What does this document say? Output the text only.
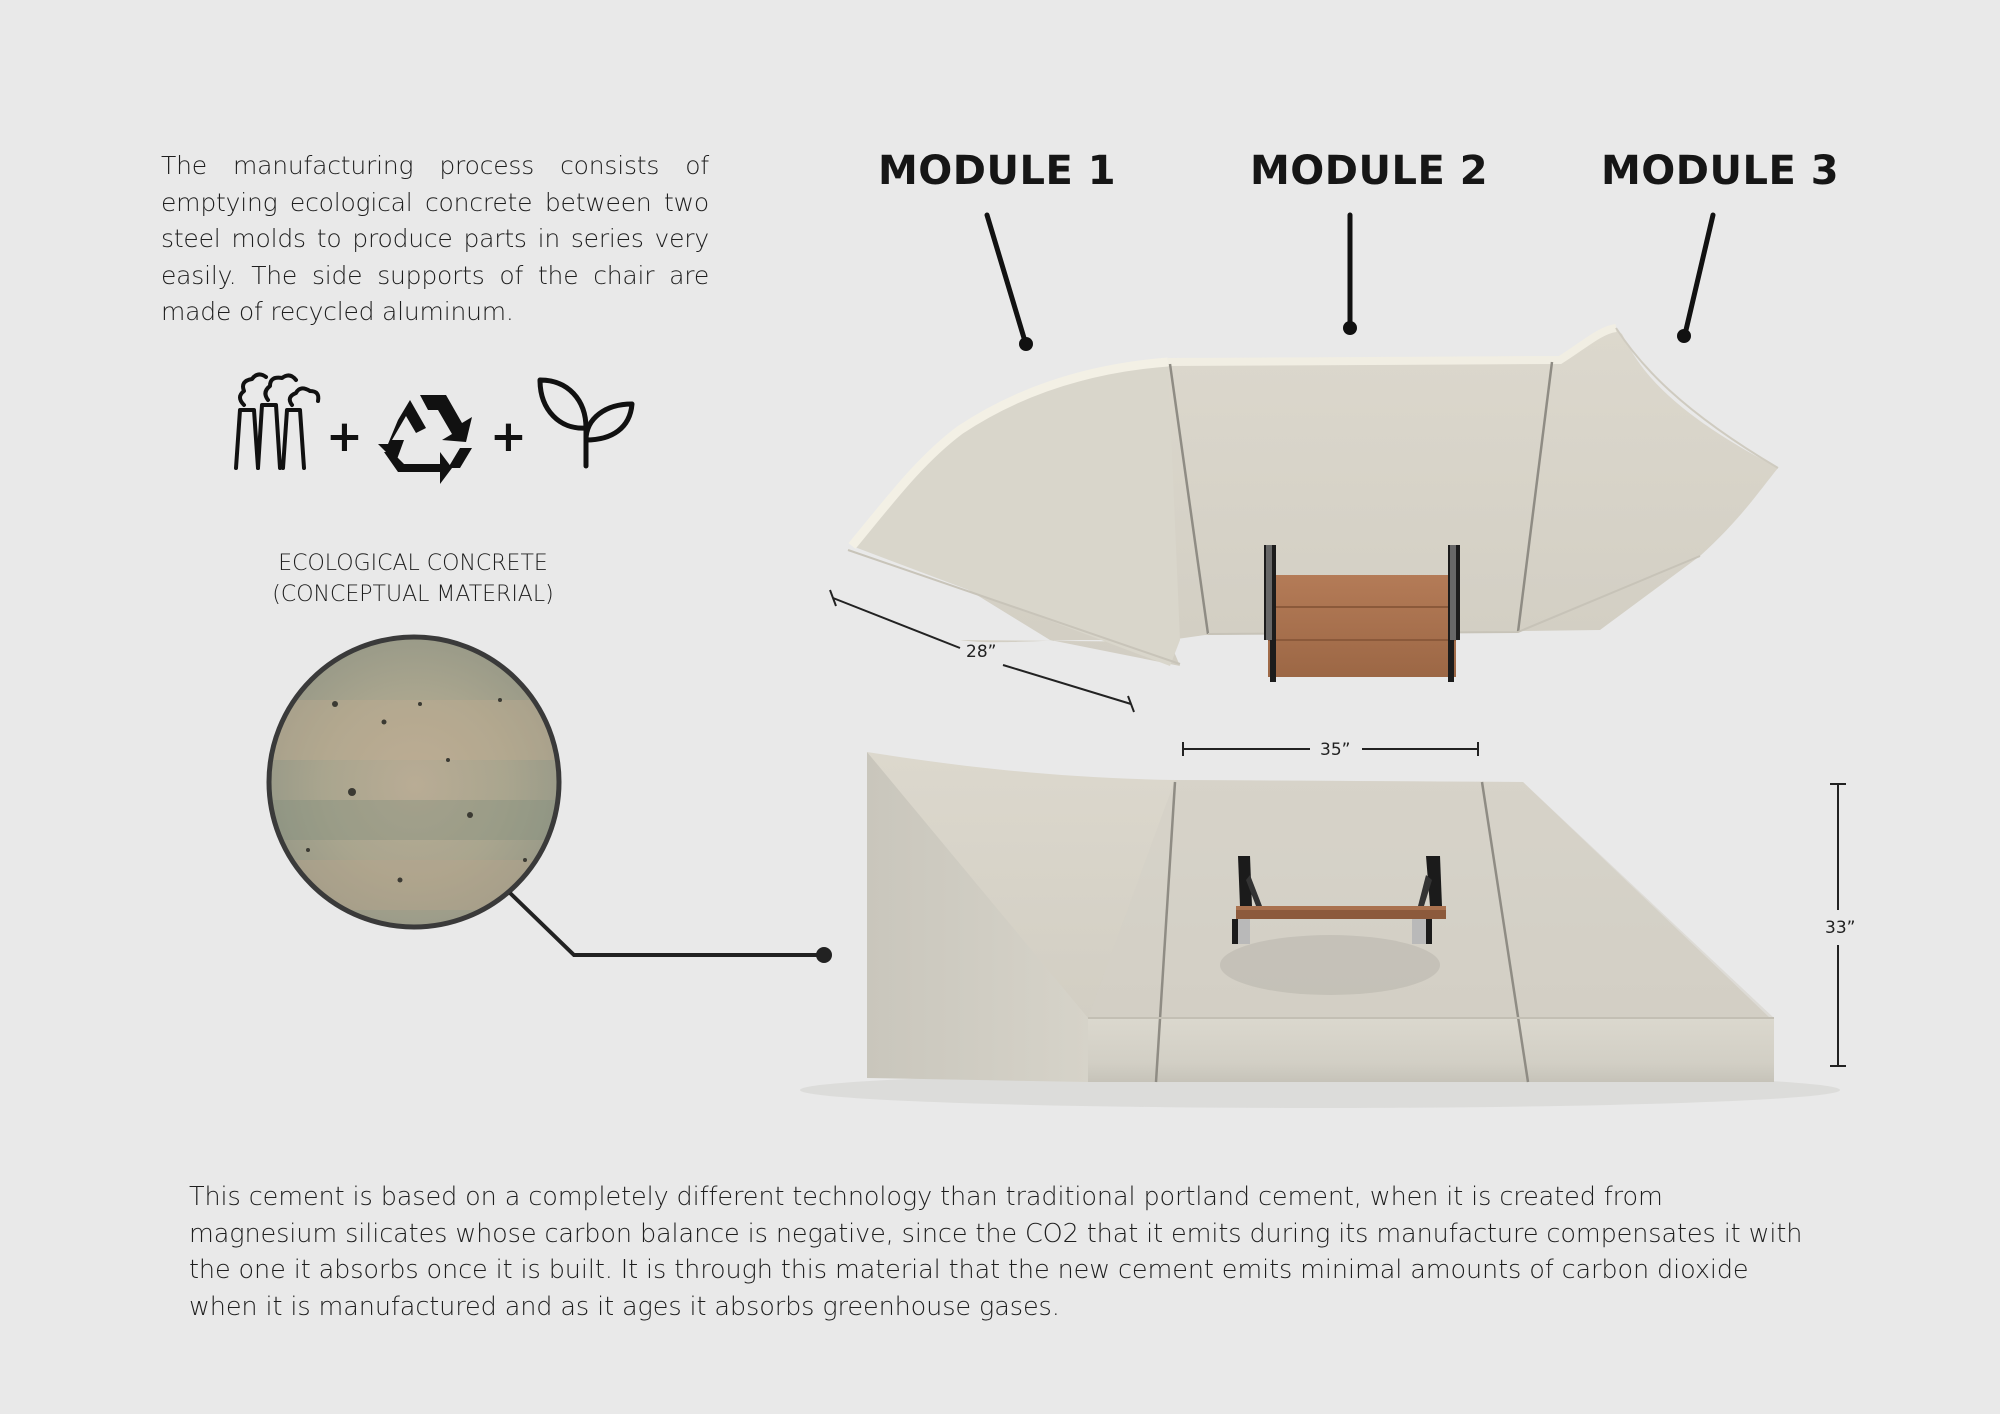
The manufacturing process consists of emptying ecological concrete between two steel molds to produce parts in series very easily. The side supports of the chair are made of recycled aluminum.

MODULE 1	MODULE 2	MODULE 3
ECOLOGICAL CONCRETE
(CONCEPTUAL MATERIAL)

This cement is based on a completely different technology than traditional portland cement, when it is created from magnesium silicates whose carbon balance is negative, since the CO2 that it emits during its manufacture compensates it with the one it absorbs once it is built. It is through this material that the new cement emits minimal amounts of carbon dioxide when it is manufactured and as it ages it absorbs greenhouse gases.

+	+
28”
35”
33”
